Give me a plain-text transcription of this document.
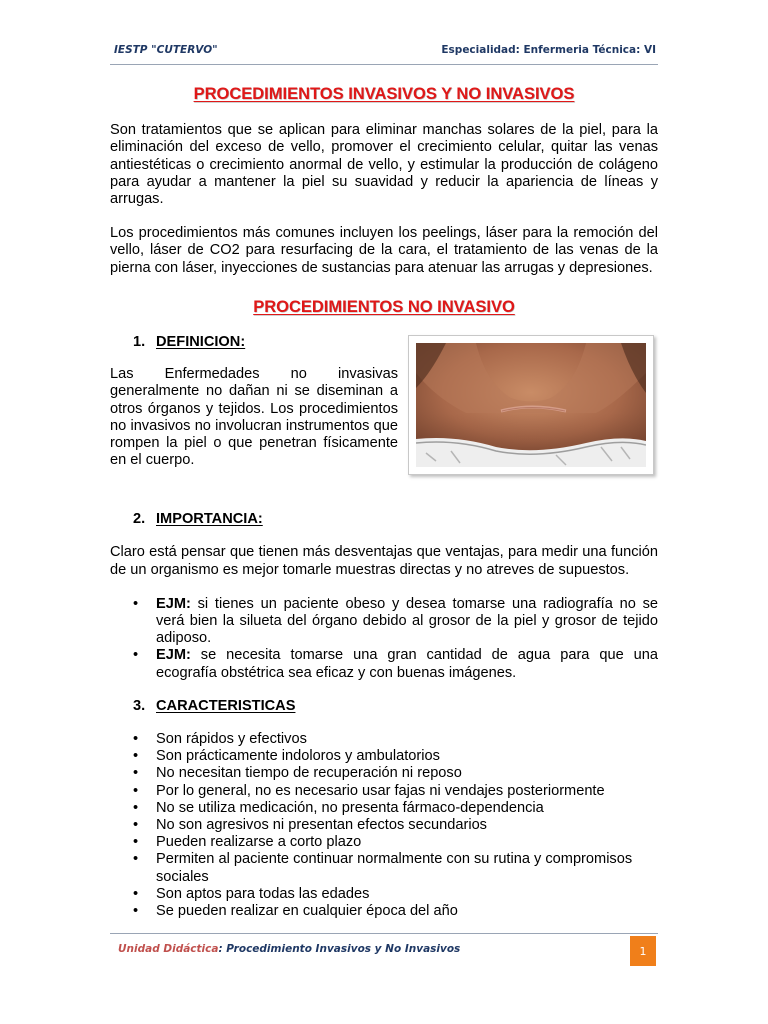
IESTP "CUTERVO"	Especialidad: Enfermeria Técnica: VI
PROCEDIMIENTOS INVASIVOS Y NO INVASIVOS

Son tratamientos que se aplican para eliminar manchas solares de la piel, para la eliminación del exceso de vello, promover el crecimiento celular, quitar las venas antiestéticas o crecimiento anormal de vello, y estimular la producción de colágeno para ayudar a mantener la piel su suavidad y reducir la apariencia de líneas y arrugas.

Los procedimientos más comunes incluyen los peelings, láser para la remoción del vello, láser de CO2 para resurfacing de la cara, el tratamiento de las venas de la pierna con láser, inyecciones de sustancias para atenuar las arrugas y depresiones.

PROCEDIMIENTOS NO INVASIVO
1. DEFINICION:

Las Enfermedades no invasivas generalmente no dañan ni se diseminan a otros órganos y tejidos. Los procedimientos no invasivos no involucran instrumentos que rompen la piel o que penetran físicamente en el cuerpo.

2. IMPORTANCIA:

Claro está pensar que tienen más desventajas que ventajas, para medir una función de un organismo es mejor tomarle muestras directas y no atreves de supuestos.

• EJM: si tienes un paciente obeso y desea tomarse una radiografía no se verá bien la silueta del órgano debido al grosor de la piel y grosor de tejido adiposo.
• EJM: se necesita tomarse una gran cantidad de agua para que una ecografía obstétrica sea eficaz y con buenas imágenes.
3. CARACTERISTICAS
• Son rápidos y efectivos
• Son prácticamente indoloros y ambulatorios
• No necesitan tiempo de recuperación ni reposo
• Por lo general, no es necesario usar fajas ni vendajes posteriormente
• No se utiliza medicación, no presenta fármaco-dependencia
• No son agresivos ni presentan efectos secundarios
• Pueden realizarse a corto plazo
• Permiten al paciente continuar normalmente con su rutina y compromisos sociales
• Son aptos para todas las edades
• Se pueden realizar en cualquier época del año
Unidad Didáctica: Procedimiento Invasivos y No Invasivos	1
